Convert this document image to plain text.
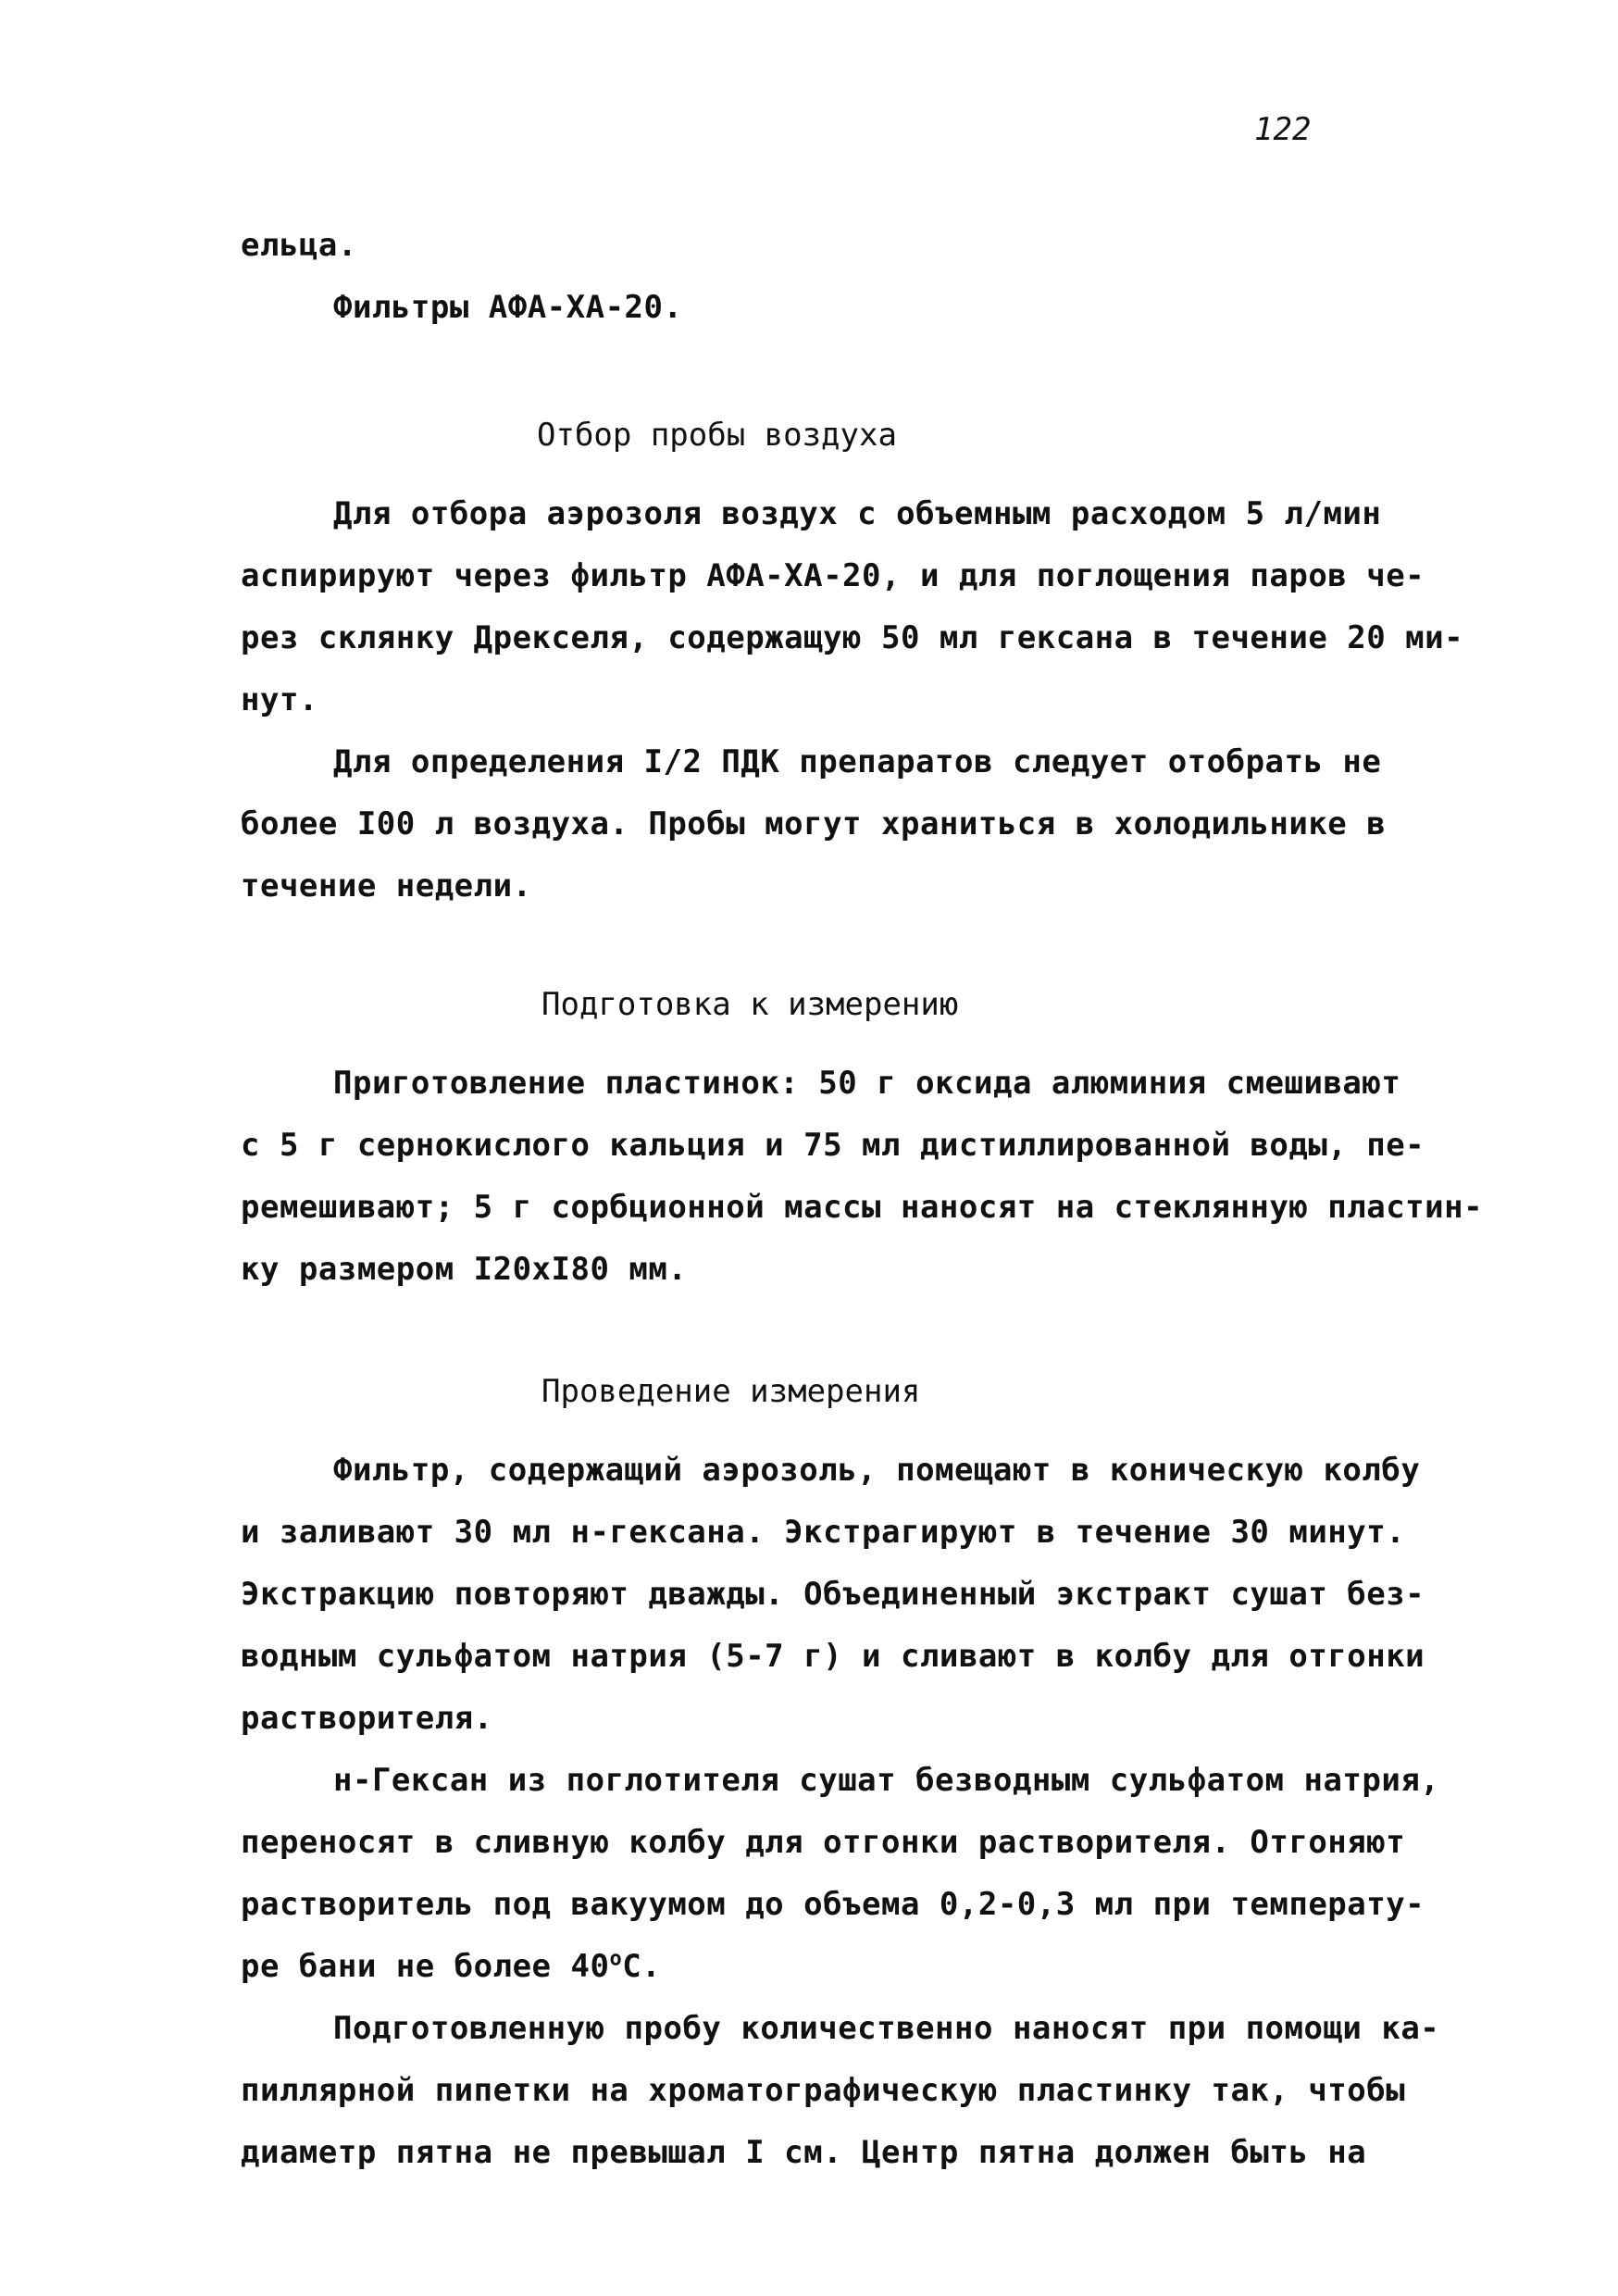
122
ельца.
Фильтры АФА-ХА-20.
Отбор пробы воздуха
Для отбора аэрозоля воздух с объемным расходом 5 л/мин
аспирируют через фильтр АФА-ХА-20, и для поглощения паров че-
рез склянку Дрекселя, содержащую 50 мл гексана в течение 20 ми-
нут.
Для определения I/2 ПДК препаратов следует отобрать не
более I00 л воздуха. Пробы могут храниться в холодильнике в
течение недели.
Подготовка к измерению
Приготовление пластинок: 50 г оксида алюминия смешивают
с 5 г сернокислого кальция и 75 мл дистиллированной воды, пе-
ремешивают; 5 г сорбционной массы наносят на стеклянную пластин-
ку размером I20хI80 мм.
Проведение измерения
Фильтр, содержащий аэрозоль, помещают в коническую колбу
и заливают 30 мл н-гексана. Экстрагируют в течение 30 минут.
Экстракцию повторяют дважды. Объединенный экстракт сушат без-
водным сульфатом натрия (5-7 г) и сливают в колбу для отгонки
растворителя.
н-Гексан из поглотителя сушат безводным сульфатом натрия,
переносят в сливную колбу для отгонки растворителя. Отгоняют
растворитель под вакуумом до объема 0,2-0,3 мл при температу-
ре бани не более $40^оС$.
Подготовленную пробу количественно наносят при помощи ка-
пиллярной пипетки на хроматографическую пластинку так, чтобы
диаметр пятна не превышал I см. Центр пятна должен быть на
